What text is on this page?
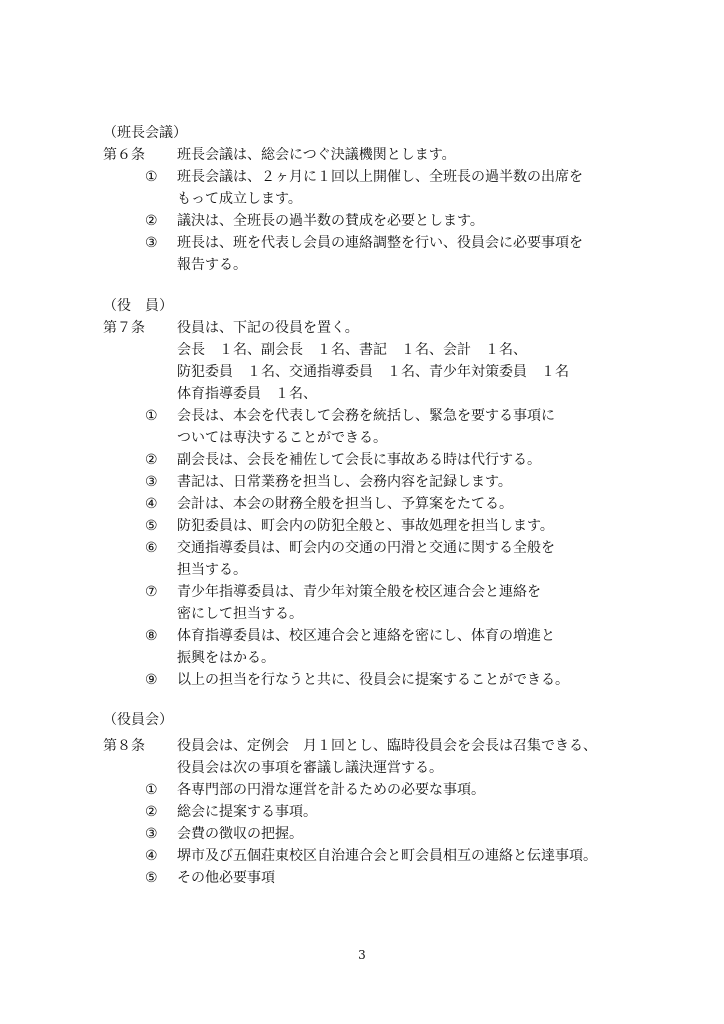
（班長会議）
第６条 班長会議は、総会につぐ決議機関とします。
① 班長会議は、２ヶ月に１回以上開催し、全班長の過半数の出席を
もって成立します。
② 議決は、全班長の過半数の賛成を必要とします。
③ 班長は、班を代表し会員の連絡調整を行い、役員会に必要事項を
報告する。
（役　員）
第７条 役員は、下記の役員を置く。
会長　１名、副会長　１名、書記　１名、会計　１名、
防犯委員　１名、交通指導委員　１名、青少年対策委員　１名
体育指導委員　１名、
① 会長は、本会を代表して会務を統括し、緊急を要する事項に
ついては専決することができる。
② 副会長は、会長を補佐して会長に事故ある時は代行する。
③ 書記は、日常業務を担当し、会務内容を記録します。
④ 会計は、本会の財務全般を担当し、予算案をたてる。
⑤ 防犯委員は、町会内の防犯全般と、事故処理を担当します。
⑥ 交通指導委員は、町会内の交通の円滑と交通に関する全般を
担当する。
⑦ 青少年指導委員は、青少年対策全般を校区連合会と連絡を
密にして担当する。
⑧ 体育指導委員は、校区連合会と連絡を密にし、体育の増進と
振興をはかる。
⑨ 以上の担当を行なうと共に、役員会に提案することができる。
（役員会）
第８条 役員会は、定例会　月１回とし、臨時役員会を会長は召集できる、
役員会は次の事項を審議し議決運営する。
① 各専門部の円滑な運営を計るための必要な事項。
② 総会に提案する事項。
③ 会費の徴収の把握。
④ 堺市及び五個荘東校区自治連合会と町会員相互の連絡と伝達事項。
⑤ その他必要事項
3
